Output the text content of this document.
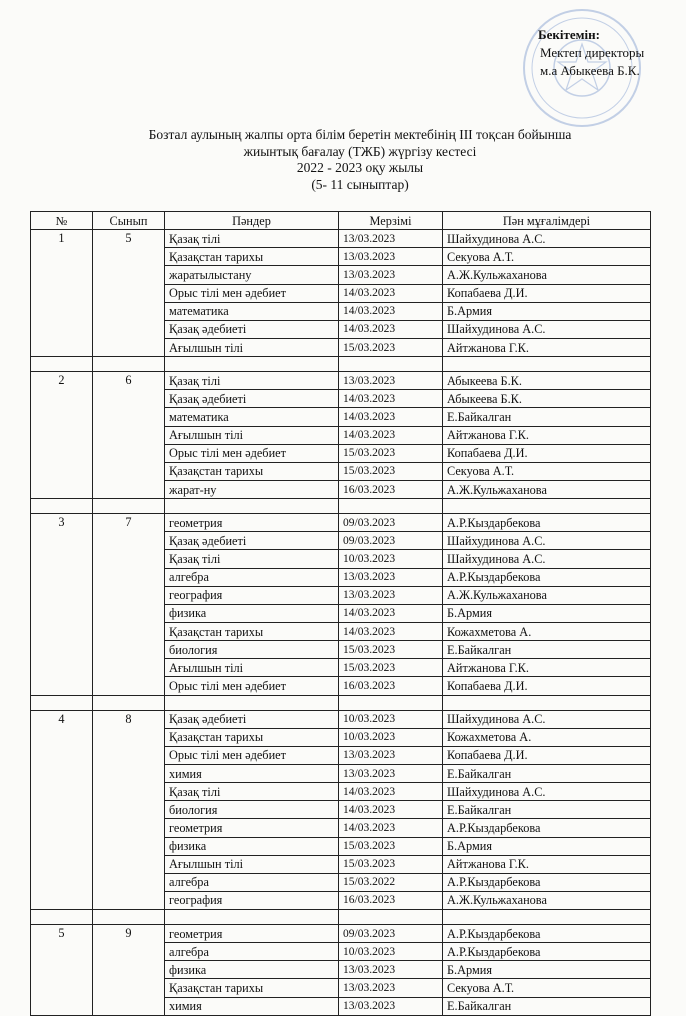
Бекітемін:
Мектеп директоры
м.а Абыкеева Б.К.
Бозтал аулының жалпы орта білім беретін мектебінің ІІІ тоқсан бойынша
жиынтық бағалау (ТЖБ) жүргізу кестесі
2022 - 2023 оқу жылы
(5- 11 сыныптар)
№	Сынып	Пәндер	Мерзімі	Пән мұғалімдері
1	5	Қазақ тілі	13/03.2023	Шайхудинова А.С.
		Қазақстан тарихы	13/03.2023	Секуова А.Т.
		жаратылыстану	13/03.2023	А.Ж.Кульжаханова
		Орыс тілі мен әдебиет	14/03.2023	Копабаева Д.И.
		математика	14/03.2023	Б.Армия
		Қазақ әдебиеті	14/03.2023	Шайхудинова А.С.
		Ағылшын тілі	15/03.2023	Айтжанова Г.К.

2	6	Қазақ тілі	13/03.2023	Абыкеева Б.К.
		Қазақ әдебиеті	14/03.2023	Абыкеева Б.К.
		математика	14/03.2023	Е.Байкалган
		Ағылшын тілі	14/03.2023	Айтжанова Г.К.
		Орыс тілі мен әдебиет	15/03.2023	Копабаева Д.И.
		Қазақстан тарихы	15/03.2023	Секуова А.Т.
		жарат-ну	16/03.2023	А.Ж.Кульжаханова

3	7	геометрия	09/03.2023	А.Р.Кыздарбекова
		Қазақ әдебиеті	09/03.2023	Шайхудинова А.С.
		Қазақ тілі	10/03.2023	Шайхудинова А.С.
		алгебра	13/03.2023	А.Р.Кыздарбекова
		география	13/03.2023	А.Ж.Кульжаханова
		физика	14/03.2023	Б.Армия
		Қазақстан тарихы	14/03.2023	Кожахметова А.
		биология	15/03.2023	Е.Байкалган
		Ағылшын тілі	15/03.2023	Айтжанова Г.К.
		Орыс тілі мен әдебиет	16/03.2023	Копабаева Д.И.

4	8	Қазақ әдебиеті	10/03.2023	Шайхудинова А.С.
		Қазақстан тарихы	10/03.2023	Кожахметова А.
		Орыс тілі мен әдебиет	13/03.2023	Копабаева Д.И.
		химия	13/03.2023	Е.Байкалган
		Қазақ тілі	14/03.2023	Шайхудинова А.С.
		биология	14/03.2023	Е.Байкалган
		геометрия	14/03.2023	А.Р.Кыздарбекова
		физика	15/03.2023	Б.Армия
		Ағылшын тілі	15/03.2023	Айтжанова Г.К.
		алгебра	15/03.2022	А.Р.Кыздарбекова
		география	16/03.2023	А.Ж.Кульжаханова

5	9	геометрия	09/03.2023	А.Р.Кыздарбекова
		алгебра	10/03.2023	А.Р.Кыздарбекова
		физика	13/03.2023	Б.Армия
		Қазақстан тарихы	13/03.2023	Секуова А.Т.
		химия	13/03.2023	Е.Байкалган
